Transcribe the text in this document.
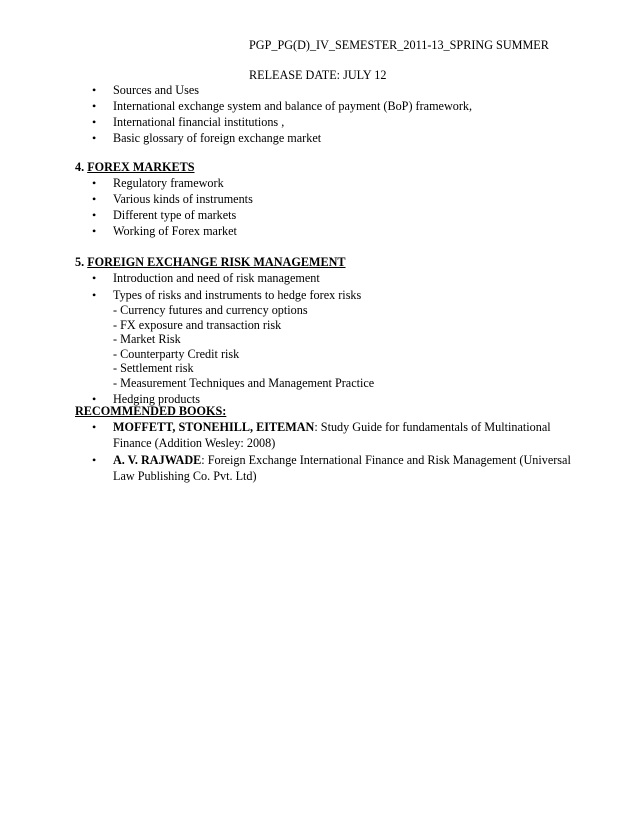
PGP_PG(D)_IV_SEMESTER_2011-13_SPRING SUMMER
RELEASE DATE: JULY 12
• Sources and Uses
• International exchange system and balance of payment (BoP) framework,
• International financial institutions ,
• Basic glossary of foreign exchange market
4. FOREX MARKETS
• Regulatory framework
• Various kinds of instruments
• Different type of markets
• Working of Forex market
5. FOREIGN EXCHANGE RISK MANAGEMENT
• Introduction and need of risk management
• Types of risks and instruments to hedge forex risks
- Currency futures and currency options
- FX exposure and transaction risk
- Market Risk
- Counterparty Credit risk
- Settlement risk
- Measurement Techniques and Management Practice
• Hedging products
RECOMMENDED BOOKS:
• MOFFETT, STONEHILL, EITEMAN: Study Guide for fundamentals of Multinational Finance (Addition Wesley: 2008)
• A. V. RAJWADE: Foreign Exchange International Finance and Risk Management (Universal Law Publishing Co. Pvt. Ltd)
